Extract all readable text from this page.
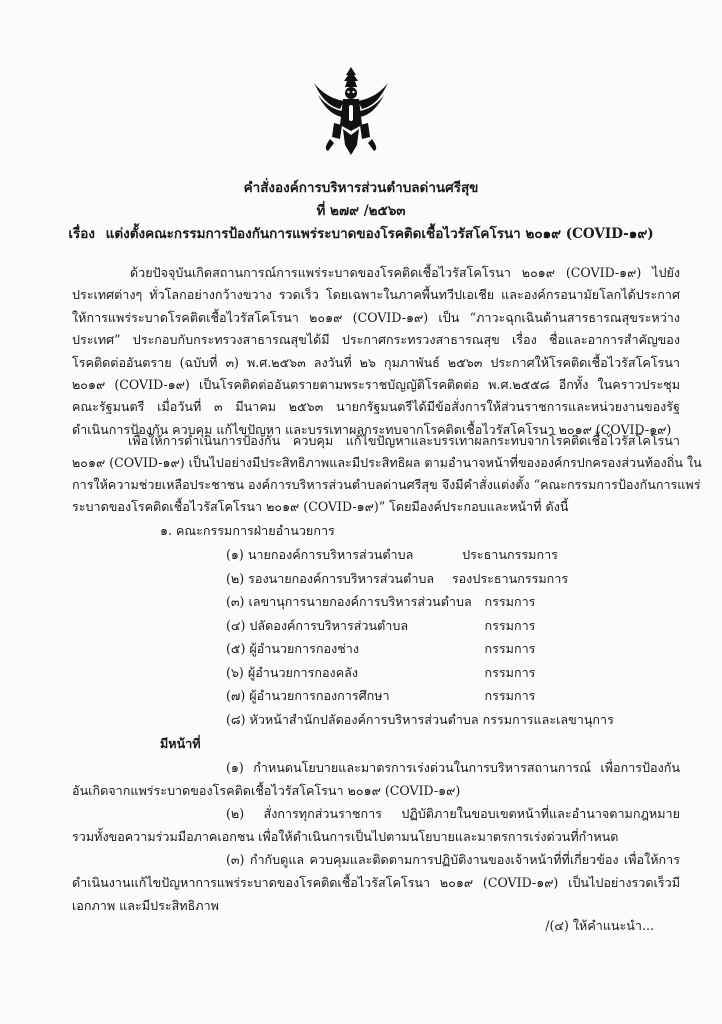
คำสั่งองค์การบริหารส่วนตำบลด่านศรีสุข
ที่ ๒๗๙ /๒๕๖๓
เรื่อง แต่งตั้งคณะกรรมการป้องกันการแพร่ระบาดของโรคติดเชื้อไวรัสโคโรนา ๒๐๑๙ (COVID-๑๙)
ด้วยปัจจุบันเกิดสถานการณ์การแพร่ระบาดของโรคติดเชื้อไวรัสโคโรนา ๒๐๑๙ (COVID-๑๙) ไปยัง
ประเทศต่างๆ ทั่วโลกอย่างกว้างขวาง รวดเร็ว โดยเฉพาะในภาคพื้นทวีปเอเชีย และองค์กรอนามัยโลกได้ประกาศ
ให้การแพร่ระบาดโรคติดเชื้อไวรัสโคโรนา ๒๐๑๙ (COVID-๑๙) เป็น “ภาวะฉุกเฉินด้านสารธารณสุขระหว่าง
ประเทศ” ประกอบกับกระทรวงสาธารณสุขได้มี ประกาศกระทรวงสาธารณสุข เรื่อง ชื่อและอาการสำคัญของ
โรคติดต่ออันตราย (ฉบับที่ ๓) พ.ศ.๒๕๖๓ ลงวันที่ ๒๖ กุมภาพันธ์ ๒๕๖๓ ประกาศให้โรคติดเชื้อไวรัสโคโรนา
๒๐๑๙ (COVID-๑๙) เป็นโรคติดต่ออันตรายตามพระราชบัญญัติโรคติดต่อ พ.ศ.๒๕๕๘ อีกทั้ง ในคราวประชุม
คณะรัฐมนตรี เมื่อวันที่ ๓ มีนาคม ๒๕๖๓ นายกรัฐมนตรีได้มีข้อสั่งการให้ส่วนราชการและหน่วยงานของรัฐ
ดำเนินการป้องกัน ควบคุม แก้ไขปัญหา และบรรเทาผลกระทบจากโรคติดเชื้อไวรัสโคโรนา ๒๐๑๙ (COVID-๑๙)
เพื่อให้การดำเนินการป้องกัน ควบคุม แก้ไขปัญหาและบรรเทาผลกระทบจากโรคติดเชื้อไวรัสโคโรนา
๒๐๑๙ (COVID-๑๙) เป็นไปอย่างมีประสิทธิภาพและมีประสิทธิผล ตามอำนาจหน้าที่ขององค์กรปกครองส่วนท้องถิ่น ใน
การให้ความช่วยเหลือประชาชน องค์การบริหารส่วนตำบลด่านศรีสุข จึงมีคำสั่งแต่งตั้ง “คณะกรรมการป้องกันการแพร่
ระบาดของโรคติดเชื้อไวรัสโคโรนา ๒๐๑๙ (COVID-๑๙)” โดยมีองค์ประกอบและหน้าที่ ดังนี้
๑. คณะกรรมการฝ่ายอำนวยการ
(๑) นายกองค์การบริหารส่วนตำบล	ประธานกรรมการ
(๒) รองนายกองค์การบริหารส่วนตำบล	รองประธานกรรมการ
(๓) เลขานุการนายกองค์การบริหารส่วนตำบล	กรรมการ
(๔) ปลัดองค์การบริหารส่วนตำบล	กรรมการ
(๕) ผู้อำนวยการกองช่าง	กรรมการ
(๖) ผู้อำนวยการกองคลัง	กรรมการ
(๗) ผู้อำนวยการกองการศึกษา	กรรมการ
(๘) หัวหน้าสำนักปลัดองค์การบริหารส่วนตำบล กรรมการและเลขานุการ
มีหน้าที่
(๑) กำหนดนโยบายและมาตรการเร่งด่วนในการบริหารสถานการณ์ เพื่อการป้องกัน
อันเกิดจากแพร่ระบาดของโรคติดเชื้อไวรัสโคโรนา ๒๐๑๙ (COVID-๑๙)
(๒) สั่งการทุกส่วนราชการ ปฏิบัติภายในขอบเขตหน้าที่และอำนาจตามกฎหมาย
รวมทั้งขอความร่วมมือภาคเอกชน เพื่อให้ดำเนินการเป็นไปตามนโยบายและมาตรการเร่งด่วนที่กำหนด
(๓) กำกับดูแล ควบคุมและติดตามการปฏิบัติงานของเจ้าหน้าที่ที่เกี่ยวข้อง เพื่อให้การ
ดำเนินงานแก้ไขปัญหาการแพร่ระบาดของโรคติดเชื้อไวรัสโคโรนา ๒๐๑๙ (COVID-๑๙) เป็นไปอย่างรวดเร็วมี
เอกภาพ และมีประสิทธิภาพ
/(๔) ให้คำแนะนำ...
